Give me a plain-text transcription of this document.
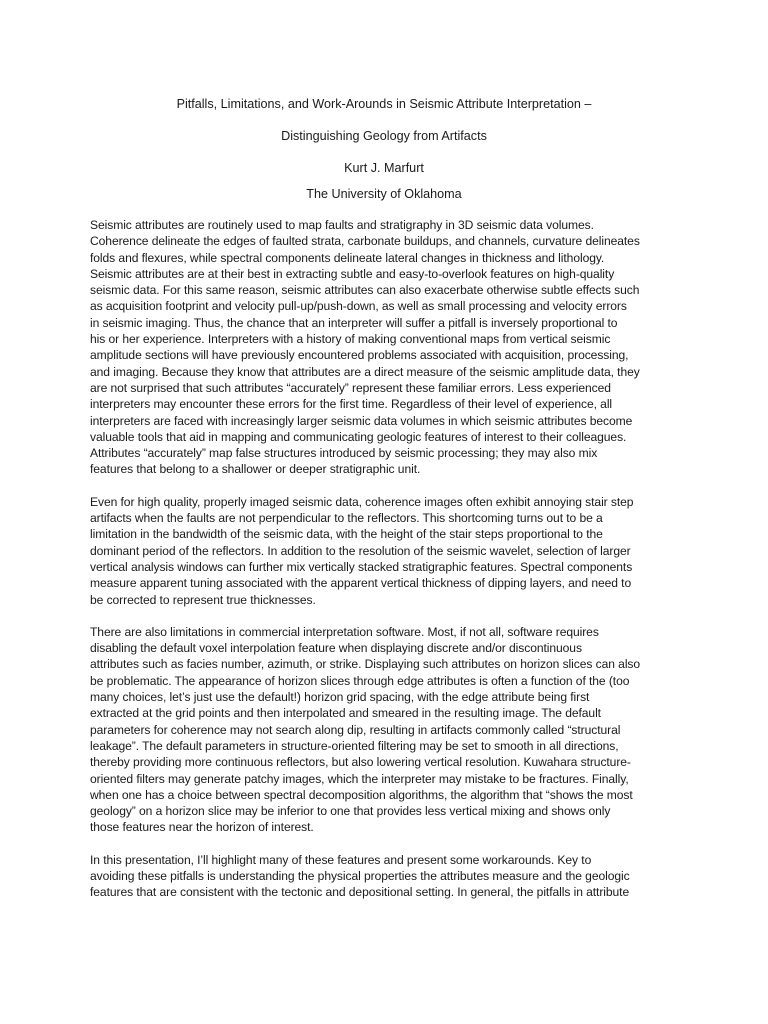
Pitfalls, Limitations, and Work-Arounds in Seismic Attribute Interpretation –
Distinguishing Geology from Artifacts
Kurt J. Marfurt
The University of Oklahoma

Seismic attributes are routinely used to map faults and stratigraphy in 3D seismic data volumes.
Coherence delineate the edges of faulted strata, carbonate buildups, and channels, curvature delineates
folds and flexures, while spectral components delineate lateral changes in thickness and lithology.
Seismic attributes are at their best in extracting subtle and easy-to-overlook features on high-quality
seismic data. For this same reason, seismic attributes can also exacerbate otherwise subtle effects such
as acquisition footprint and velocity pull-up/push-down, as well as small processing and velocity errors
in seismic imaging. Thus, the chance that an interpreter will suffer a pitfall is inversely proportional to
his or her experience. Interpreters with a history of making conventional maps from vertical seismic
amplitude sections will have previously encountered problems associated with acquisition, processing,
and imaging. Because they know that attributes are a direct measure of the seismic amplitude data, they
are not surprised that such attributes “accurately” represent these familiar errors. Less experienced
interpreters may encounter these errors for the first time. Regardless of their level of experience, all
interpreters are faced with increasingly larger seismic data volumes in which seismic attributes become
valuable tools that aid in mapping and communicating geologic features of interest to their colleagues.
Attributes “accurately” map false structures introduced by seismic processing; they may also mix
features that belong to a shallower or deeper stratigraphic unit.

Even for high quality, properly imaged seismic data, coherence images often exhibit annoying stair step
artifacts when the faults are not perpendicular to the reflectors. This shortcoming turns out to be a
limitation in the bandwidth of the seismic data, with the height of the stair steps proportional to the
dominant period of the reflectors. In addition to the resolution of the seismic wavelet, selection of larger
vertical analysis windows can further mix vertically stacked stratigraphic features. Spectral components
measure apparent tuning associated with the apparent vertical thickness of dipping layers, and need to
be corrected to represent true thicknesses.

There are also limitations in commercial interpretation software. Most, if not all, software requires
disabling the default voxel interpolation feature when displaying discrete and/or discontinuous
attributes such as facies number, azimuth, or strike. Displaying such attributes on horizon slices can also
be problematic. The appearance of horizon slices through edge attributes is often a function of the (too
many choices, let’s just use the default!) horizon grid spacing, with the edge attribute being first
extracted at the grid points and then interpolated and smeared in the resulting image. The default
parameters for coherence may not search along dip, resulting in artifacts commonly called “structural
leakage”. The default parameters in structure-oriented filtering may be set to smooth in all directions,
thereby providing more continuous reflectors, but also lowering vertical resolution. Kuwahara structure-
oriented filters may generate patchy images, which the interpreter may mistake to be fractures. Finally,
when one has a choice between spectral decomposition algorithms, the algorithm that “shows the most
geology” on a horizon slice may be inferior to one that provides less vertical mixing and shows only
those features near the horizon of interest.

In this presentation, I’ll highlight many of these features and present some workarounds. Key to
avoiding these pitfalls is understanding the physical properties the attributes measure and the geologic
features that are consistent with the tectonic and depositional setting. In general, the pitfalls in attribute
